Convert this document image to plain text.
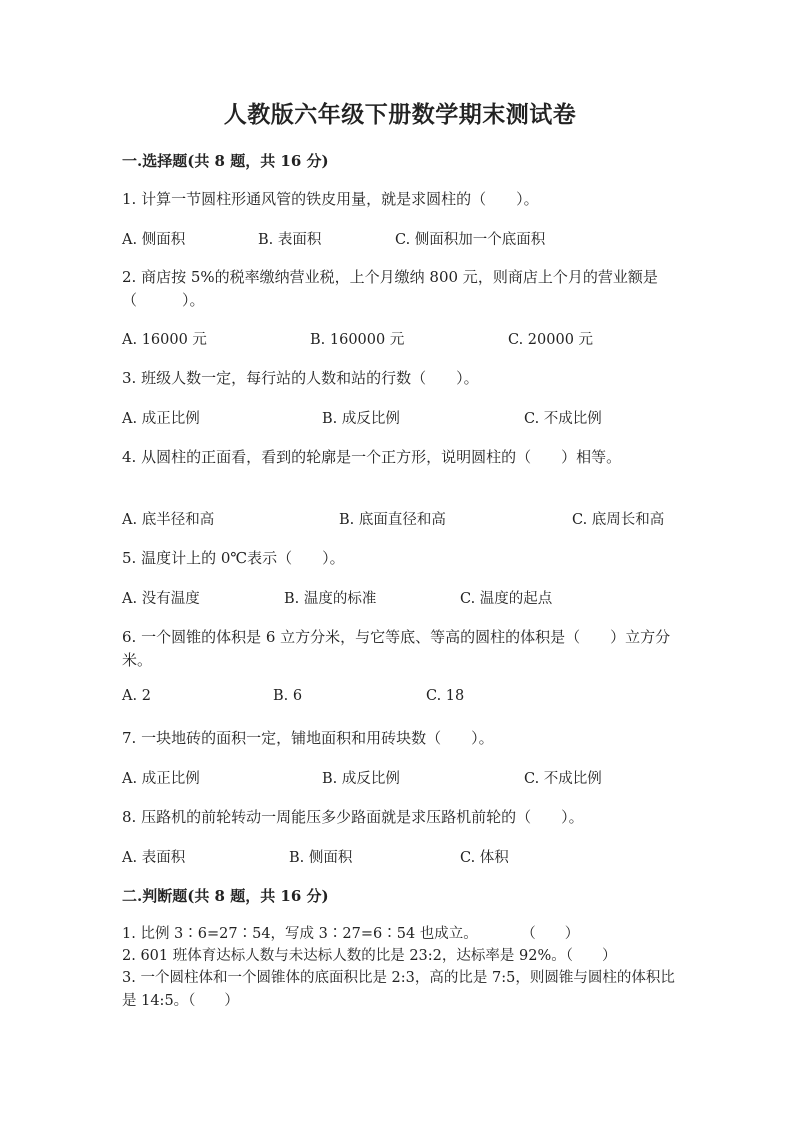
人教版六年级下册数学期末测试卷
一.选择题(共 8 题，共 16 分)
1. 计算一节圆柱形通风管的铁皮用量，就是求圆柱的（　　）。
A. 侧面积	B. 表面积	C. 侧面积加一个底面积
2. 商店按 5%的税率缴纳营业税，上个月缴纳 800 元，则商店上个月的营业额是（　　　）。
A. 16000 元	B. 160000 元	C. 20000 元
3. 班级人数一定，每行站的人数和站的行数（　　）。
A. 成正比例	B. 成反比例	C. 不成比例
4. 从圆柱的正面看，看到的轮廓是一个正方形，说明圆柱的（　　）相等。
A. 底半径和高	B. 底面直径和高	C. 底周长和高
5. 温度计上的 0℃表示（　　）。
A. 没有温度	B. 温度的标准	C. 温度的起点
6. 一个圆锥的体积是 6 立方分米，与它等底、等高的圆柱的体积是（　　）立方分米。
A. 2	B. 6	C. 18
7. 一块地砖的面积一定，铺地面积和用砖块数（　　）。
A. 成正比例	B. 成反比例	C. 不成比例
8. 压路机的前轮转动一周能压多少路面就是求压路机前轮的（　　）。
A. 表面积	B. 侧面积	C. 体积
二.判断题(共 8 题，共 16 分)
1. 比例 3∶6=27∶54，写成 3∶27=6∶54 也成立。　　　　（　　）
2. 601 班体育达标人数与未达标人数的比是 23:2，达标率是 92%。（　　）
3. 一个圆柱体和一个圆锥体的底面积比是 2:3，高的比是 7:5，则圆锥与圆柱的体积比是 14:5。（　　）
